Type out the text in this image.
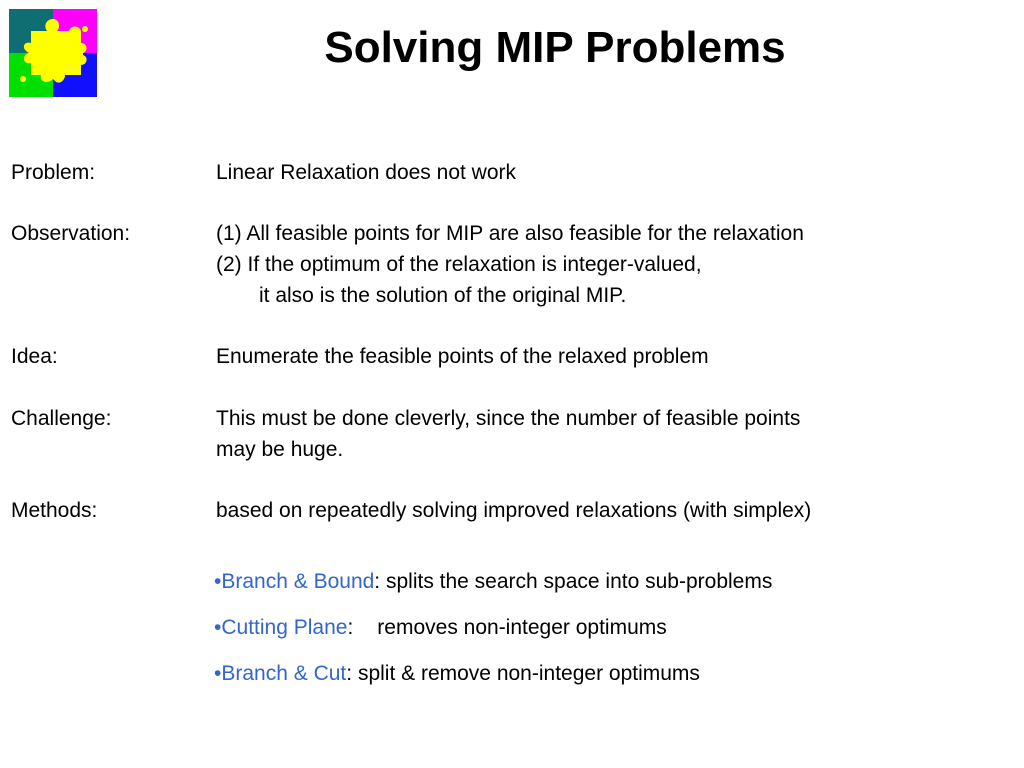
Solving MIP Problems
Problem:	Linear Relaxation does not work
Observation:	(1) All feasible points for MIP are also feasible for the relaxation
(2) If the optimum of the relaxation is integer-valued,
it also is the solution of the original MIP.
Idea:	Enumerate the feasible points of the relaxed problem
Challenge:	This must be done cleverly, since the number of feasible points
may be huge.
Methods:	based on repeatedly solving improved relaxations (with simplex)
•Branch & Bound: splits the search space into sub-problems
•Cutting Plane: removes non-integer optimums
•Branch & Cut: split & remove non-integer optimums
